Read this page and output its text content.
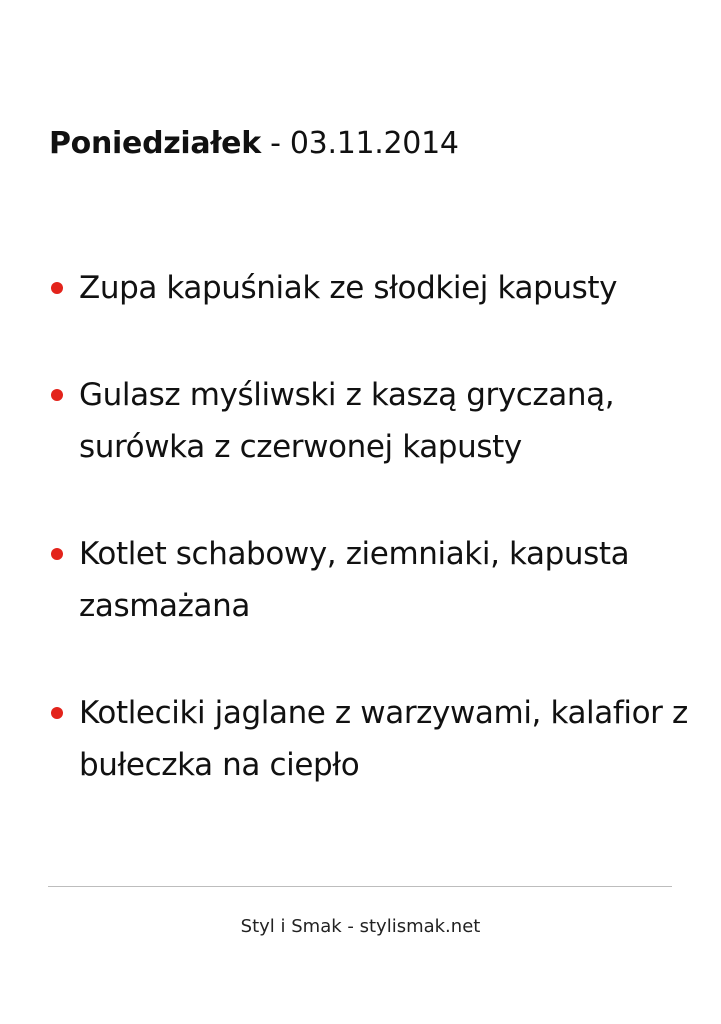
Poniedziałek - 03.11.2014
Zupa kapuśniak ze słodkiej kapusty
Gulasz myśliwski z kaszą gryczaną, surówka z czerwonej kapusty
Kotlet schabowy, ziemniaki, kapusta zasmażana
Kotleciki jaglane z warzywami, kalafior z bułeczka na ciepło
Styl i Smak - stylismak.net
